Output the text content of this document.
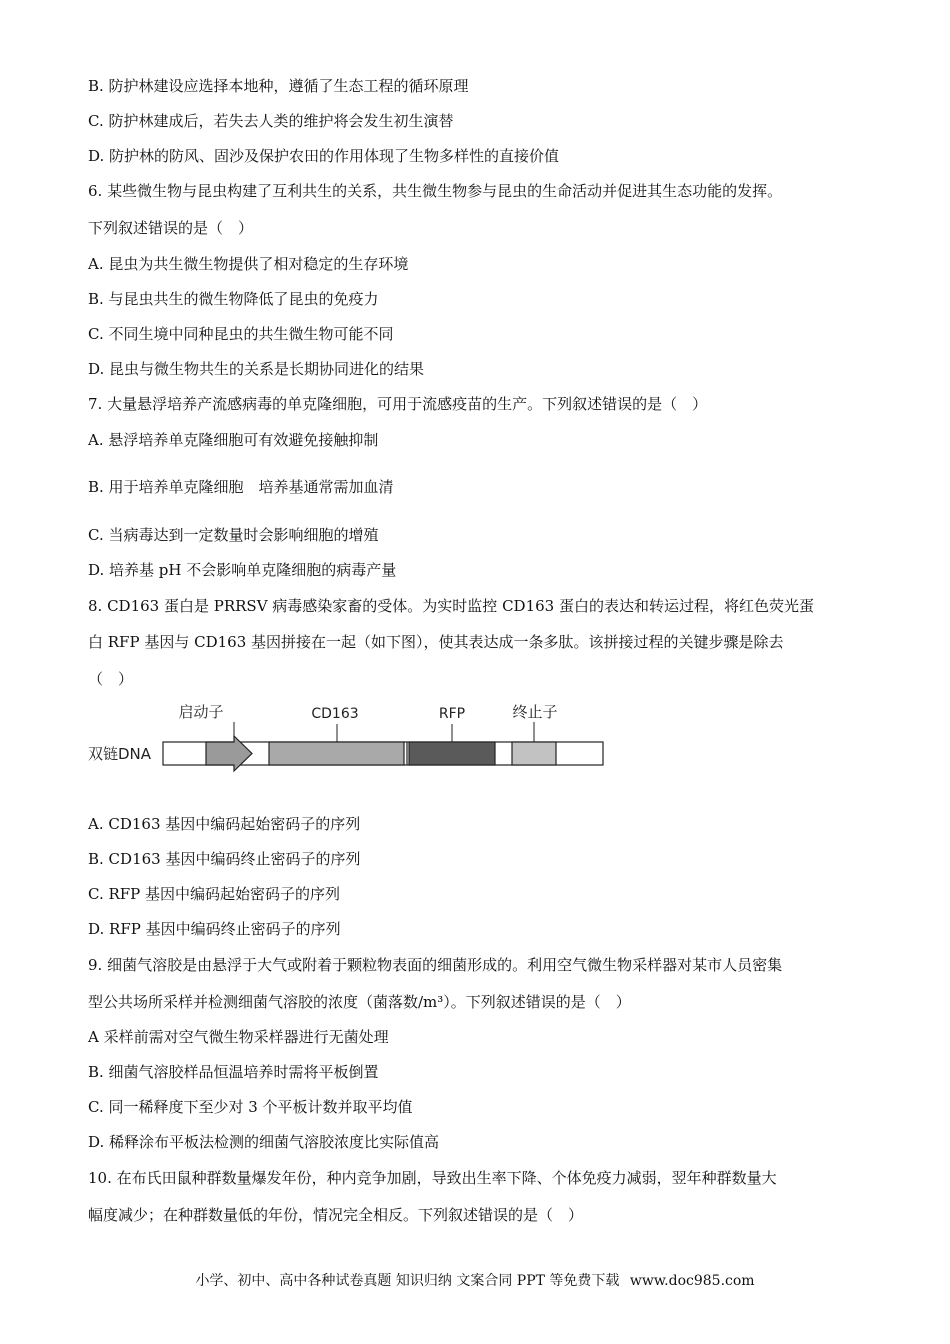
B. 防护林建设应选择本地种，遵循了生态工程的循环原理
C. 防护林建成后，若失去人类的维护将会发生初生演替
D. 防护林的防风、固沙及保护农田的作用体现了生物多样性的直接价值
6. 某些微生物与昆虫构建了互利共生的关系，共生微生物参与昆虫的生命活动并促进其生态功能的发挥。
下列叙述错误的是（　）
A. 昆虫为共生微生物提供了相对稳定的生存环境
B. 与昆虫共生的微生物降低了昆虫的免疫力
C. 不同生境中同种昆虫的共生微生物可能不同
D. 昆虫与微生物共生的关系是长期协同进化的结果
7. 大量悬浮培养产流感病毒的单克隆细胞，可用于流感疫苗的生产。下列叙述错误的是（　）
A. 悬浮培养单克隆细胞可有效避免接触抑制
B. 用于培养单克隆细胞　培养基通常需加血清
C. 当病毒达到一定数量时会影响细胞的增殖
D. 培养基 pH 不会影响单克隆细胞的病毒产量
8. CD163 蛋白是 PRRSV 病毒感染家畜的受体。为实时监控 CD163 蛋白的表达和转运过程，将红色荧光蛋
白 RFP 基因与 CD163 基因拼接在一起（如下图），使其表达成一条多肽。该拼接过程的关键步骤是除去
（　）
启动子	CD163	RFP	终止子
双链DNA
A. CD163 基因中编码起始密码子的序列
B. CD163 基因中编码终止密码子的序列
C. RFP 基因中编码起始密码子的序列
D. RFP 基因中编码终止密码子的序列
9. 细菌气溶胶是由悬浮于大气或附着于颗粒物表面的细菌形成的。利用空气微生物采样器对某市人员密集
型公共场所采样并检测细菌气溶胶的浓度（菌落数/m³）。下列叙述错误的是（　）
A 采样前需对空气微生物采样器进行无菌处理
B. 细菌气溶胶样品恒温培养时需将平板倒置
C. 同一稀释度下至少对 3 个平板计数并取平均值
D. 稀释涂布平板法检测的细菌气溶胶浓度比实际值高
10. 在布氏田鼠种群数量爆发年份，种内竞争加剧，导致出生率下降、个体免疫力减弱，翌年种群数量大
幅度减少；在种群数量低的年份，情况完全相反。下列叙述错误的是（　）
小学、初中、高中各种试卷真题 知识归纳 文案合同 PPT 等免费下载 www.doc985.com
